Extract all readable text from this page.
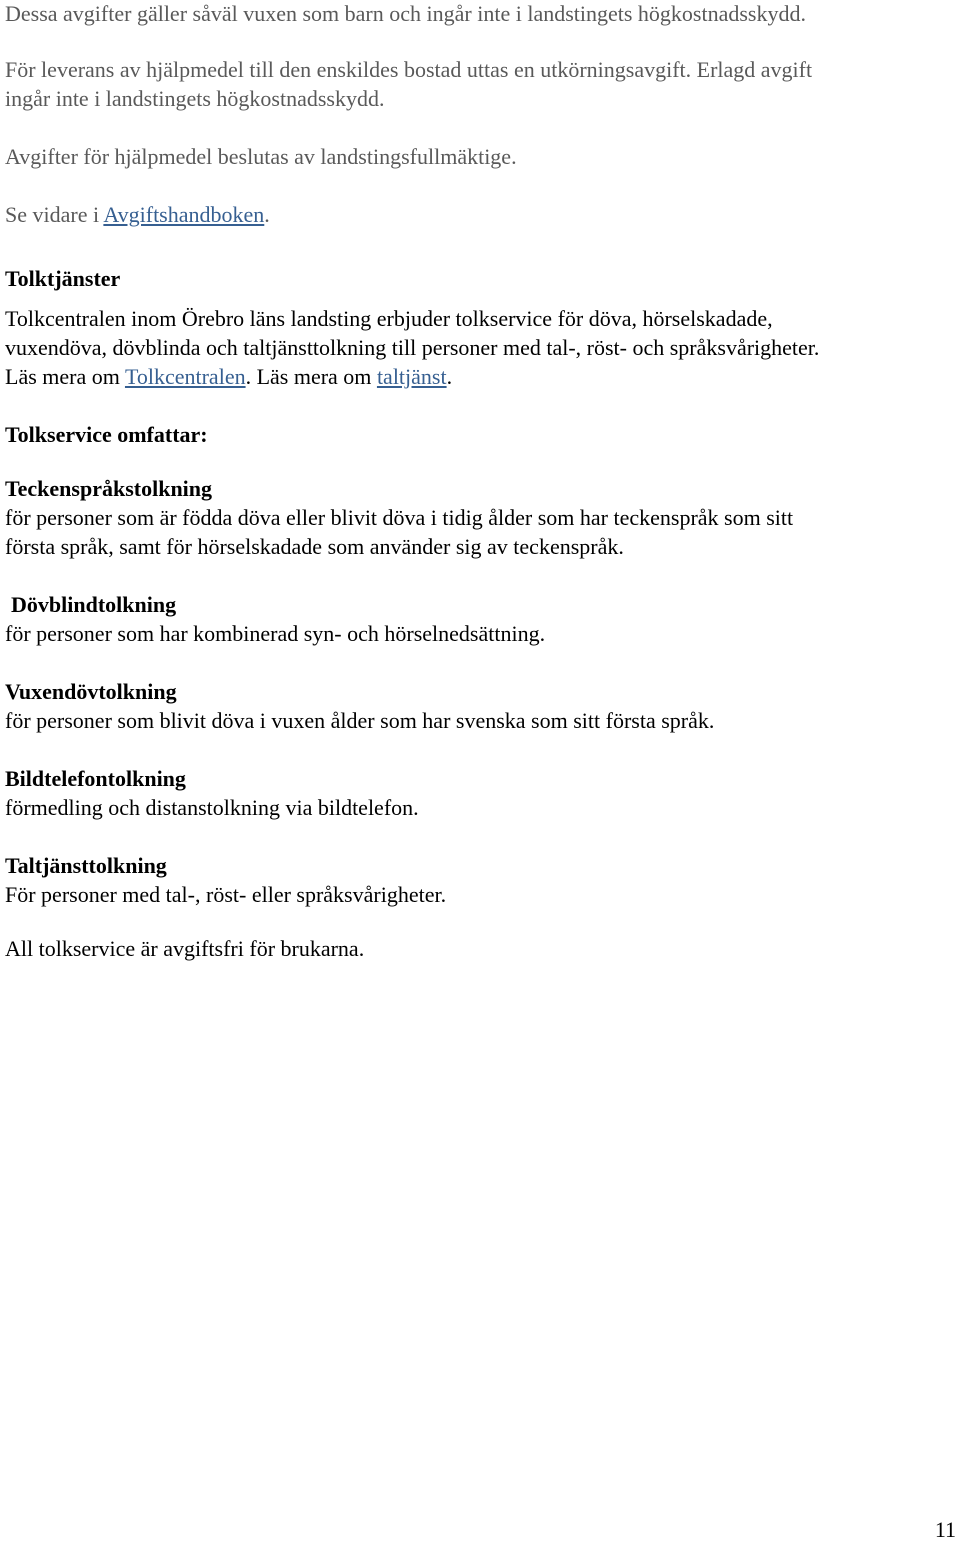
Dessa avgifter gäller såväl vuxen som barn och ingår inte i landstingets högkostnadsskydd.
För leverans av hjälpmedel till den enskildes bostad uttas en utkörningsavgift. Erlagd avgift
ingår inte i landstingets högkostnadsskydd.
Avgifter för hjälpmedel beslutas av landstingsfullmäktige.
Se vidare i Avgiftshandboken.
Tolktjänster
Tolkcentralen inom Örebro läns landsting erbjuder tolkservice för döva, hörselskadade,
vuxendöva, dövblinda och taltjänsttolkning till personer med tal-, röst- och språksvårigheter.
Läs mera om Tolkcentralen. Läs mera om taltjänst.
Tolkservice omfattar:
Teckenspråkstolkning
för personer som är födda döva eller blivit döva i tidig ålder som har teckenspråk som sitt
första språk, samt för hörselskadade som använder sig av teckenspråk.
Dövblindtolkning
för personer som har kombinerad syn- och hörselnedsättning.
Vuxendövtolkning
för personer som blivit döva i vuxen ålder som har svenska som sitt första språk.
Bildtelefontolkning
förmedling och distanstolkning via bildtelefon.
Taltjänsttolkning
För personer med tal-, röst- eller språksvårigheter.
All tolkservice är avgiftsfri för brukarna.
11
